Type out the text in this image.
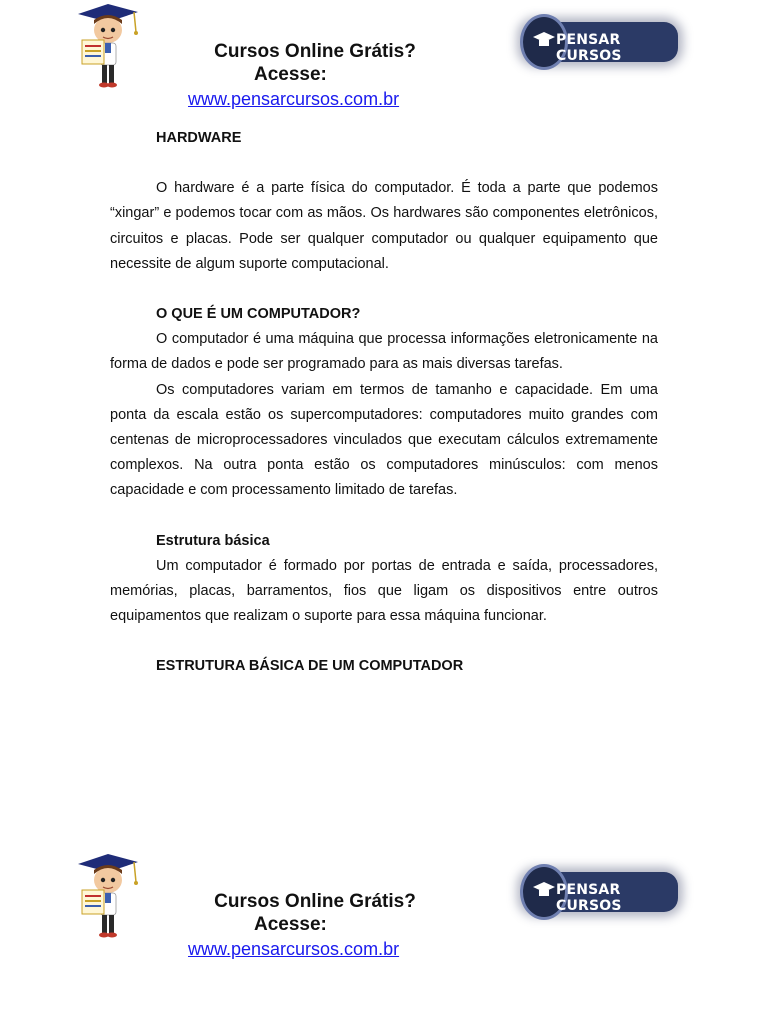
Cursos Online Grátis?
Acesse:
www.pensarcursos.com.br
PENSAR CURSOS
HARDWARE

O hardware é a parte física do computador. É toda a parte que podemos “xingar” e podemos tocar com as mãos. Os hardwares são componentes eletrônicos, circuitos e placas. Pode ser qualquer computador ou qualquer equipamento que necessite de algum suporte computacional.

O QUE É UM COMPUTADOR?

O computador é uma máquina que processa informações eletronicamente na forma de dados e pode ser programado para as mais diversas tarefas.

Os computadores variam em termos de tamanho e capacidade. Em uma ponta da escala estão os supercomputadores: computadores muito grandes com centenas de microprocessadores vinculados que executam cálculos extremamente complexos. Na outra ponta estão os computadores minúsculos: com menos capacidade e com processamento limitado de tarefas.

Estrutura básica

Um computador é formado por portas de entrada e saída, processadores, memórias, placas, barramentos, fios que ligam os dispositivos entre outros equipamentos que realizam o suporte para essa máquina funcionar.

ESTRUTURA BÁSICA DE UM COMPUTADOR
Cursos Online Grátis?
Acesse:
www.pensarcursos.com.br
PENSAR CURSOS
